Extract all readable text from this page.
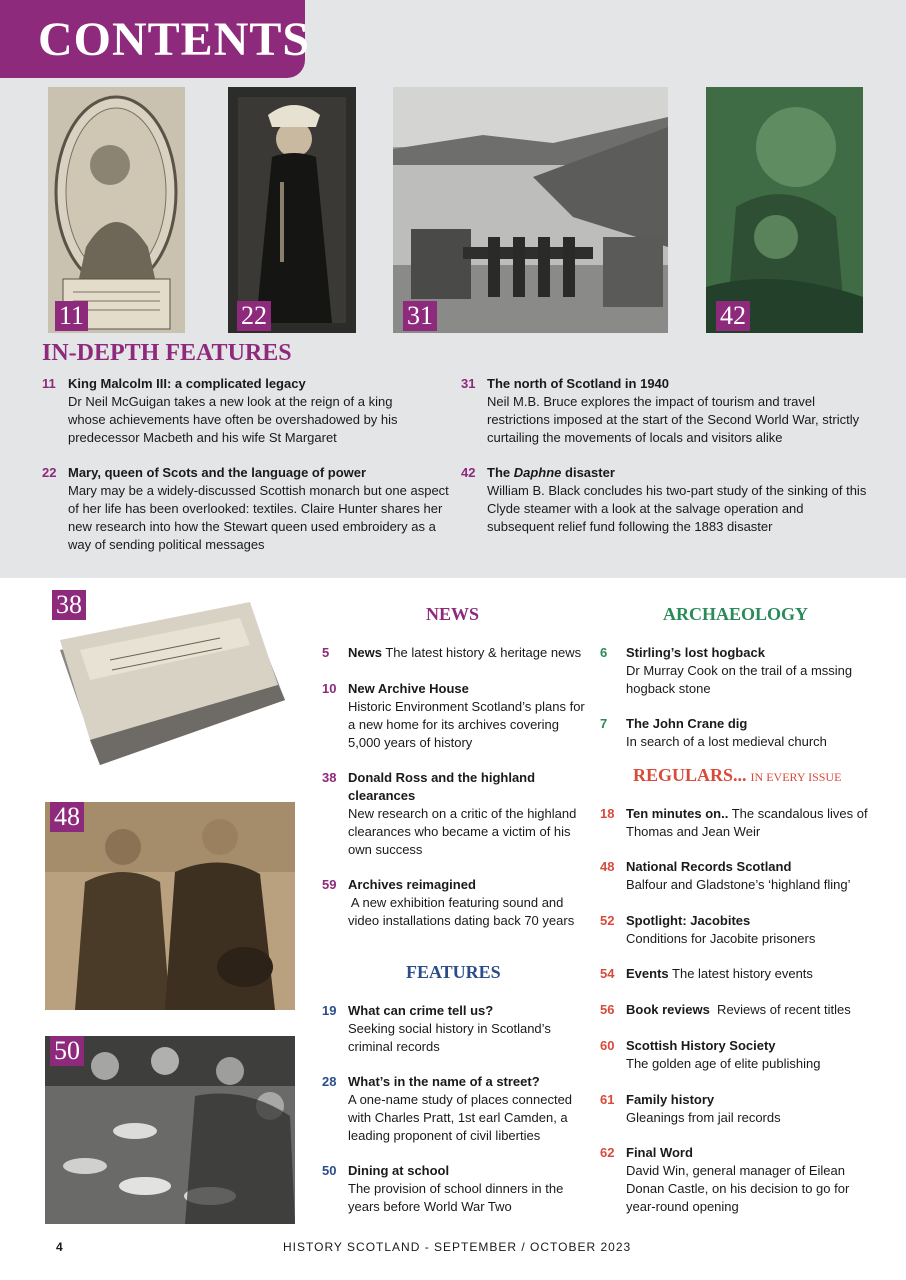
CONTENTS
11	22	31	42
IN-DEPTH FEATURES
11 King Malcolm III: a complicated legacy
Dr Neil McGuigan takes a new look at the reign of a king
whose achievements have often be overshadowed by his
predecessor Macbeth and his wife St Margaret
22 Mary, queen of Scots and the language of power
Mary may be a widely-discussed Scottish monarch but one aspect
of her life has been overlooked: textiles. Claire Hunter shares her
new research into how the Stewart queen used embroidery as a
way of sending political messages
31 The north of Scotland in 1940
Neil M.B. Bruce explores the impact of tourism and travel
restrictions imposed at the start of the Second World War, strictly
curtailing the movements of locals and visitors alike
42 The Daphne disaster
William B. Black concludes his two-part study of the sinking of this
Clyde steamer with a look at the salvage operation and
subsequent relief fund following the 1883 disaster
38
48
50
NEWS
5	News The latest history & heritage news
10 New Archive House
Historic Environment Scotland’s plans for
a new home for its archives covering
5,000 years of history
38 Donald Ross and the highland
clearances
New research on a critic of the highland
clearances who became a victim of his
own success
59 Archives reimagined
A new exhibition featuring sound and
video installations dating back 70 years
FEATURES
19 What can crime tell us?
Seeking social history in Scotland’s
criminal records
28 What’s in the name of a street?
A one-name study of places connected
with Charles Pratt, 1st earl Camden, a
leading proponent of civil liberties
50 Dining at school
The provision of school dinners in the
years before World War Two
ARCHAEOLOGY
6	Stirling’s lost hogback
Dr Murray Cook on the trail of a mssing
hogback stone
7	The John Crane dig
In search of a lost medieval church
REGULARS... IN EVERY ISSUE
18 Ten minutes on.. The scandalous lives of
Thomas and Jean Weir
48 National Records Scotland
Balfour and Gladstone’s ‘highland fling’
52 Spotlight: Jacobites
Conditions for Jacobite prisoners
54 Events The latest history events
56 Book reviews  Reviews of recent titles
60 Scottish History Society
The golden age of elite publishing
61 Family history
Gleanings from jail records
62 Final Word
David Win, general manager of Eilean
Donan Castle, on his decision to go for
year-round opening
4	HISTORY SCOTLAND - SEPTEMBER / OCTOBER 2023
